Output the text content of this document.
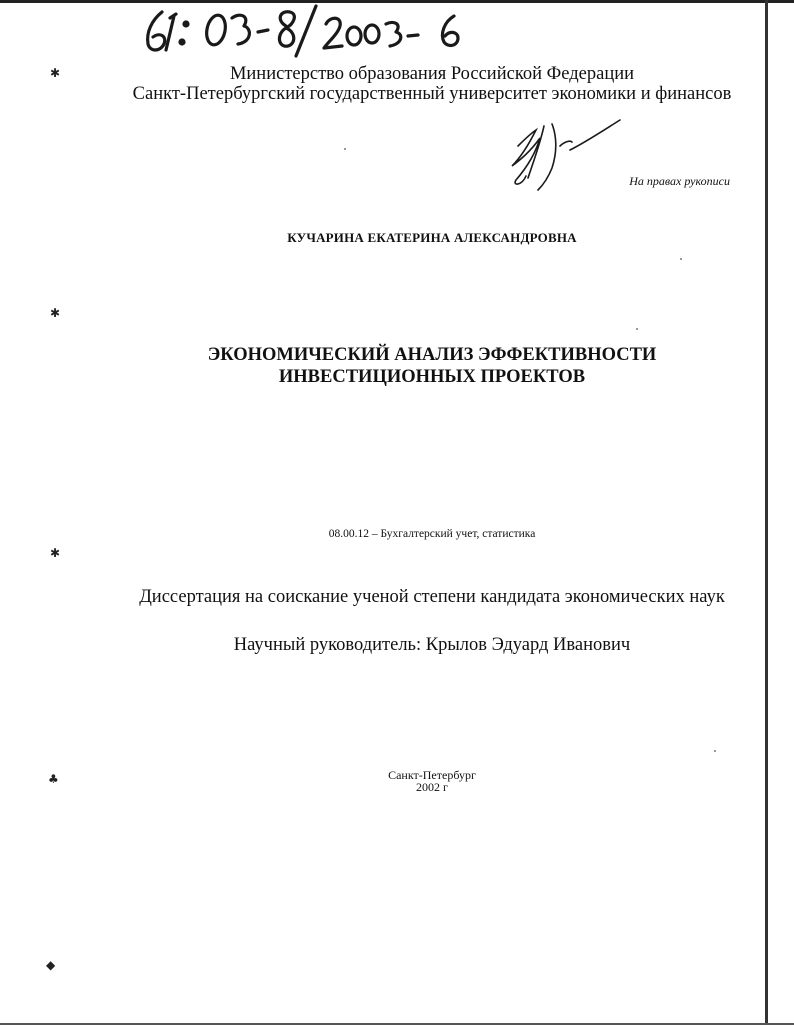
Министерство образования Российской Федерации
Санкт-Петербургский государственный университет экономики и финансов
На правах рукописи
КУЧАРИНА ЕКАТЕРИНА АЛЕКСАНДРОВНА
ЭКОНОМИЧЕСКИЙ АНАЛИЗ ЭФФЕКТИВНОСТИ
ИНВЕСТИЦИОННЫХ ПРОЕКТОВ
08.00.12 – Бухгалтерский учет, статистика
Диссертация на соискание ученой степени кандидата экономических наук
Научный руководитель: Крылов Эдуард Иванович
Санкт-Петербург
2002 г
✱
✱
✱
♣
◆
